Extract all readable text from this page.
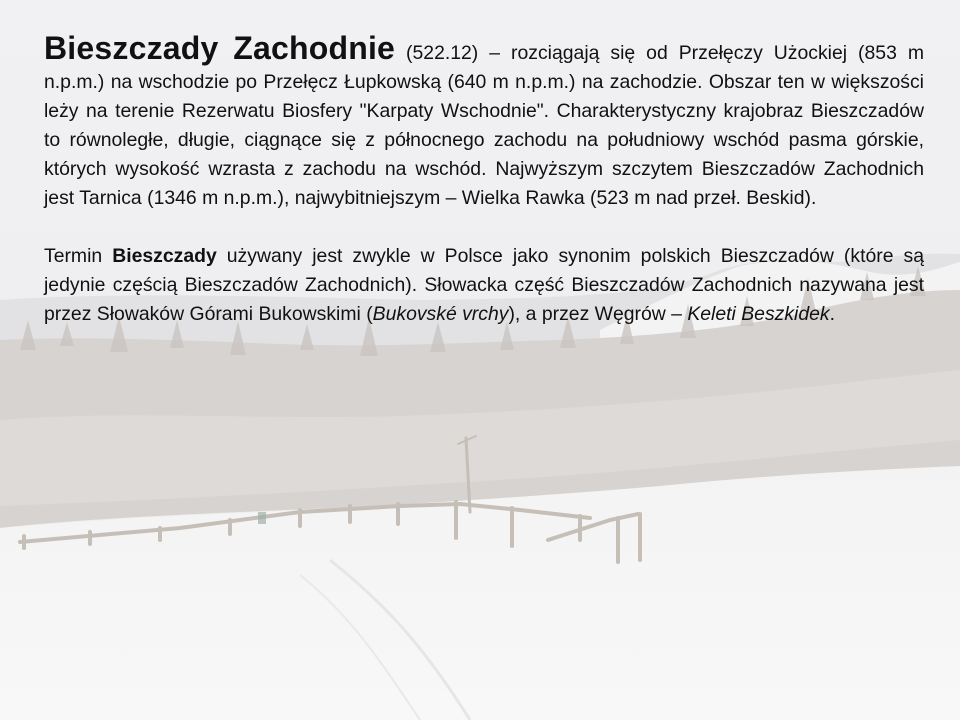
Bieszczady Zachodnie (522.12) – rozciągają się od Przełęczy Użockiej (853 m n.p.m.) na wschodzie po Przełęcz Łupkowską (640 m n.p.m.) na zachodzie. Obszar ten w większości leży na terenie Rezerwatu Biosfery "Karpaty Wschodnie". Charakterystyczny krajobraz Bieszczadów to równoległe, długie, ciągnące się z północnego zachodu na południowy wschód pasma górskie, których wysokość wzrasta z zachodu na wschód. Najwyższym szczytem Bieszczadów Zachodnich jest Tarnica (1346 m n.p.m.), najwybitniejszym – Wielka Rawka (523 m nad przeł. Beskid).

Termin Bieszczady używany jest zwykle w Polsce jako synonim polskich Bieszczadów (które są jedynie częścią Bieszczadów Zachodnich). Słowacka część Bieszczadów Zachodnich nazywana jest przez Słowaków Górami Bukowskimi (Bukovské vrchy), a przez Węgrów – Keleti Beszkidek.
